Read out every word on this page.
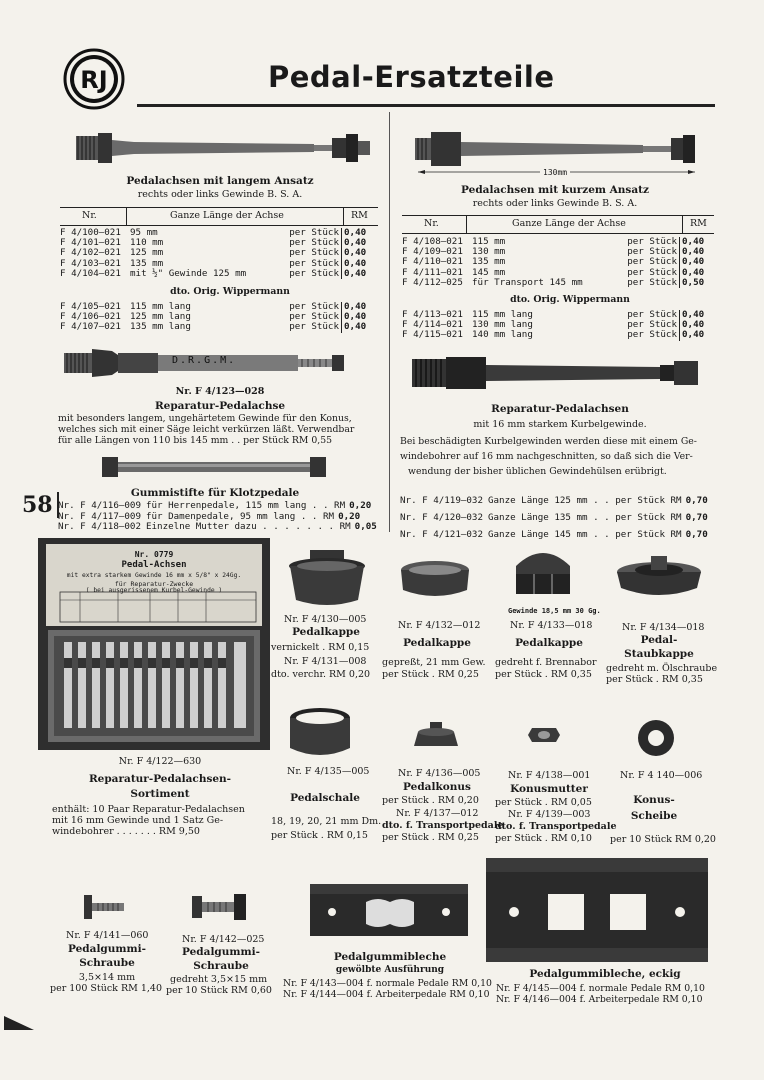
RJ	Pedal-Ersatzteile
Pedalachsen mit langem Ansatz
rechts oder links Gewinde B. S. A.
Nr.	Ganze Länge der Achse	RM
F 4/100—021	95 mm	per Stück	0,40
F 4/101—021	110 mm	per Stück	0,40
F 4/102—021	125 mm	per Stück	0,40
F 4/103—021	135 mm	per Stück	0,40
F 4/104—021	mit ½" Gewinde 125 mm	per Stück	0,40
dto. Orig. Wippermann
F 4/105—021	115 mm lang	per Stück	0,40
F 4/106—021	125 mm lang	per Stück	0,40
F 4/107—021	135 mm lang	per Stück	0,40
130mm
Pedalachsen mit kurzem Ansatz
rechts oder links Gewinde B. S. A.
Nr.	Ganze Länge der Achse	RM
F 4/108—021	115 mm	per Stück	0,40
F 4/109—021	130 mm	per Stück	0,40
F 4/110—021	135 mm	per Stück	0,40
F 4/111—021	145 mm	per Stück	0,40
F 4/112—025	für Transport 145 mm	per Stück	0,50
dto. Orig. Wippermann
F 4/113—021	115 mm lang	per Stück	0,40
F 4/114—021	130 mm lang	per Stück	0,40
F 4/115—021	140 mm lang	per Stück	0,40
D.R.G.M.
Nr. F 4/123—028
Reparatur-Pedalachse
mit besonders langem, ungehärtetem Gewinde für den Konus,
welches sich mit einer Säge leicht verkürzen läßt. Verwendbar
für alle Längen von 110 bis 145 mm . . per Stück RM 0,55
Reparatur-Pedalachsen
mit 16 mm starkem Kurbelgewinde.
Bei beschädigten Kurbelgewinden werden diese mit einem Ge-
windebohrer auf 16 mm nachgeschnitten, so daß sich die Ver-
wendung der bisher üblichen Gewindehülsen erübrigt.
Nr. F 4/119—032 Ganze Länge 125 mm . . per Stück RM 0,70
Nr. F 4/120—032 Ganze Länge 135 mm . . per Stück RM 0,70
Nr. F 4/121—032 Ganze Länge 145 mm . . per Stück RM 0,70
58	Gummistifte für Klotzpedale
Nr. F 4/116—009 für Herrenpedale, 115 mm lang . . RM 0,20
Nr. F 4/117—009 für Damenpedale, 95 mm lang . . RM 0,20
Nr. F 4/118—002 Einzelne Mutter dazu . . . . . . . RM 0,05
Nr. 0779
Pedal-Achsen
mit extra starkem Gewinde 16 mm x 5/8" x 24Gg.
für Reparatur-Zwecke
( bei ausgerissenem Kurbel-Gewinde )
Nr. F 4/122—630
Reparatur-Pedalachsen-
Sortiment
enthält: 10 Paar Reparatur-Pedalachsen
mit 16 mm Gewinde und 1 Satz Ge-
windebohrer . . . . . . . RM 9,50
Gewinde 18,5 mm 30 Gg.
Nr. F 4/130—005
Pedalkappe
vernickelt . RM 0,15
Nr. F 4/131—008
dto. verchr. RM 0,20
Nr. F 4/132—012
Pedalkappe
gepreßt, 21 mm Gew.
per Stück . RM 0,25
Nr. F 4/133—018
Pedalkappe
gedreht f. Brennabor
per Stück . RM 0,35
Nr. F 4/134—018
Pedal-
Staubkappe
gedreht m. Ölschraube
per Stück . RM 0,35
Nr. F 4/135—005
Pedalschale
18, 19, 20, 21 mm Dm.
per Stück . RM 0,15
Nr. F 4/136—005
Pedalkonus
per Stück . RM 0,20
Nr. F 4/137—012
dto. f. Transportpedale
per Stück . RM 0,25
Nr. F 4/138—001
Konusmutter
per Stück . RM 0,05
Nr. F 4/139—003
dto. f. Transportpedale
per Stück . RM 0,10
Nr. F 4 140—006
Konus-
Scheibe
per 10 Stück RM 0,20
Nr. F 4/141—060
Pedalgummi-
Schraube
3,5×14 mm
per 100 Stück RM 1,40
Nr. F 4/142—025
Pedalgummi-
Schraube
gedreht 3,5×15 mm
per 10 Stück RM 0,60
Pedalgummibleche
gewölbte Ausführung
Nr. F 4/143—004 f. normale Pedale RM 0,10
Nr. F 4/144—004 f. Arbeiterpedale RM 0,10
Pedalgummibleche, eckig
Nr. F 4/145—004 f. normale Pedale RM 0,10
Nr. F 4/146—004 f. Arbeiterpedale RM 0,10
